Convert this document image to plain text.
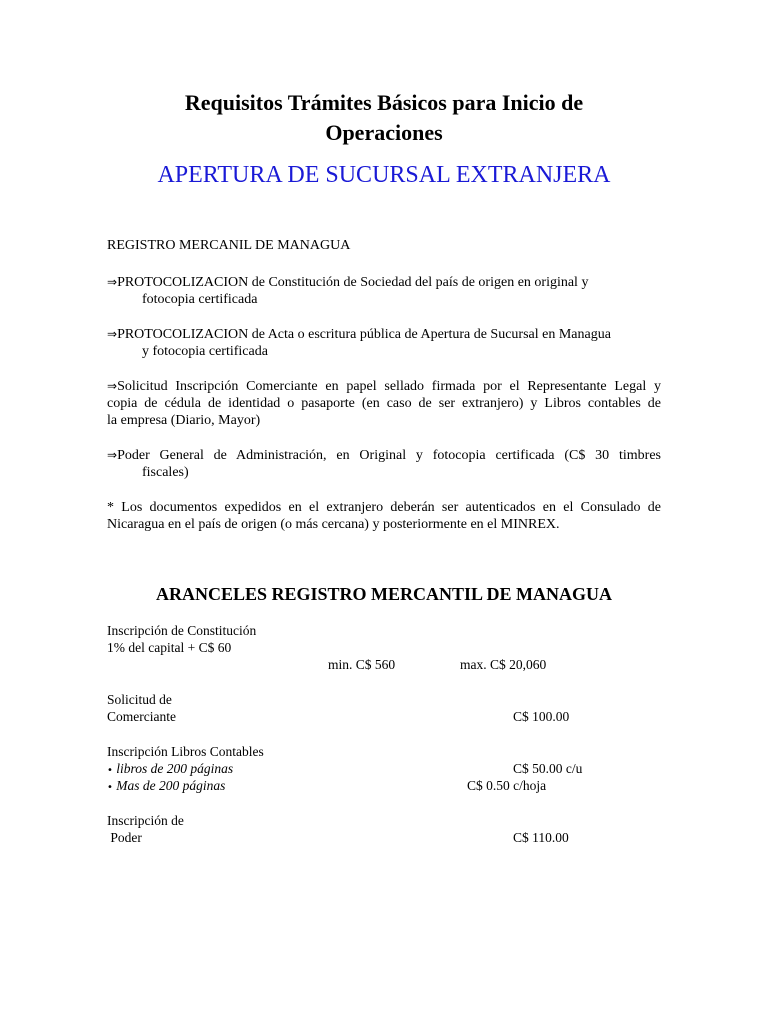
Requisitos Trámites Básicos para Inicio de
Operaciones
APERTURA DE SUCURSAL EXTRANJERA
REGISTRO MERCANIL DE MANAGUA
⇒PROTOCOLIZACION de Constitución de Sociedad del país de origen en original y
fotocopia certificada
⇒PROTOCOLIZACION de Acta o escritura pública de Apertura de Sucursal en Managua
y fotocopia certificada
⇒Solicitud Inscripción Comerciante en papel sellado firmada por el Representante Legal y
copia de cédula de identidad o pasaporte (en caso de ser extranjero) y Libros contables de
la empresa (Diario, Mayor)
⇒Poder General de Administración, en Original y fotocopia certificada (C$ 30 timbres
fiscales)
* Los documentos expedidos en el extranjero deberán ser autenticados en el Consulado de
Nicaragua en el país de origen (o más cercana) y posteriormente en el MINREX.
ARANCELES REGISTRO MERCANTIL DE MANAGUA
Inscripción de Constitución
1% del capital + C$ 60
min. C$ 560	max. C$ 20,060
Solicitud de
Comerciante	C$ 100.00
Inscripción Libros Contables
• libros de 200 páginas	C$ 50.00 c/u
• Mas de 200 páginas	C$ 0.50 c/hoja
Inscripción de
Poder	C$ 110.00
